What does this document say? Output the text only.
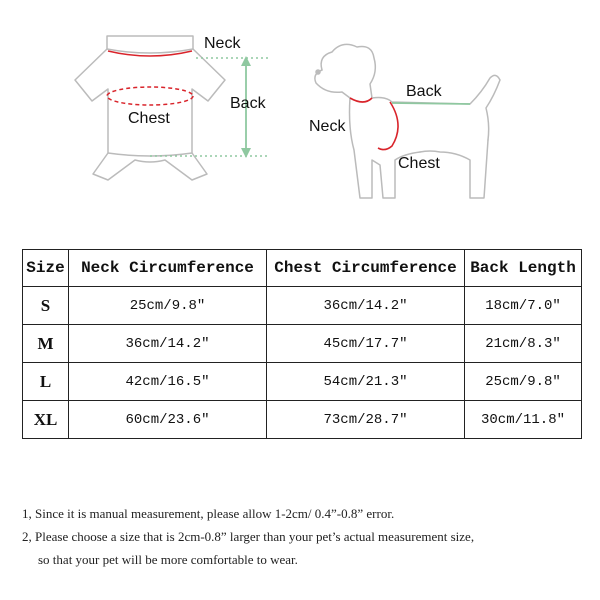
Neck
Back
Chest
Back
Neck
Chest
Size	Neck Circumference	Chest Circumference	Back Length
S	25cm/9.8″	36cm/14.2″	18cm/7.0″
M	36cm/14.2″	45cm/17.7″	21cm/8.3″
L	42cm/16.5″	54cm/21.3″	25cm/9.8″
XL	60cm/23.6″	73cm/28.7″	30cm/11.8″
1, Since it is manual measurement, please allow 1-2cm/ 0.4”-0.8” error.
2, Please choose a size that is 2cm-0.8” larger than your pet’s actual measurement size,
so that your pet will be more comfortable to wear.
